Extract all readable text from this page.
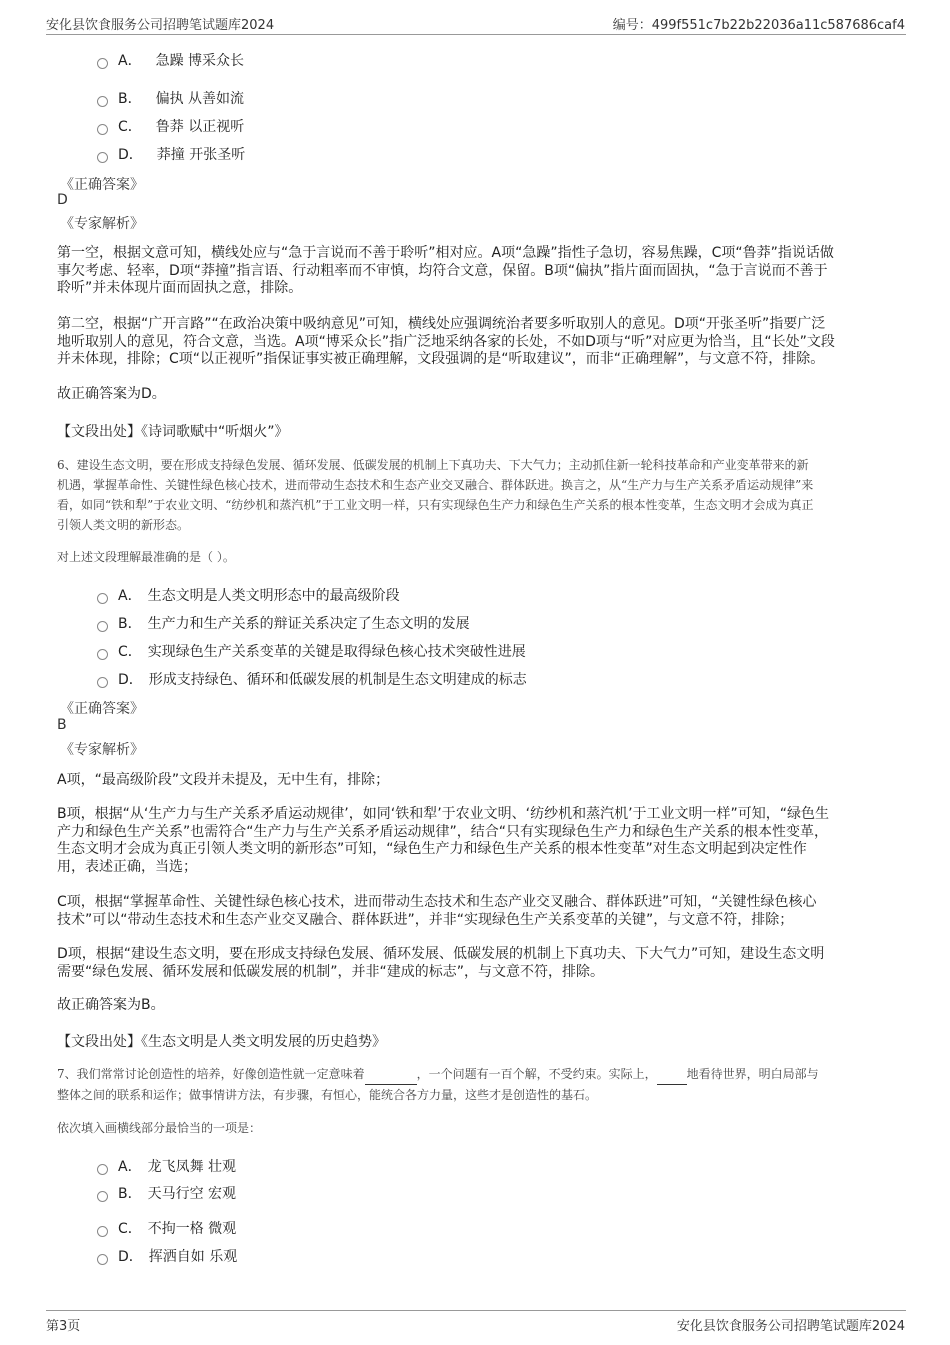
安化县饮食服务公司招聘笔试题库2024	编号：499f551c7b22b22036a11c587686caf4
A． 急躁 博采众长
B． 偏执 从善如流
C． 鲁莽 以正视听
D． 莽撞 开张圣听
《正确答案》
D
《专家解析》
第一空，根据文意可知，横线处应与“急于言说而不善于聆听”相对应。A项“急躁”指性子急切，容易焦躁，C项“鲁莽”指说话做
事欠考虑、轻率，D项“莽撞”指言语、行动粗率而不审慎，均符合文意，保留。B项“偏执”指片面而固执，“急于言说而不善于
聆听”并未体现片面而固执之意，排除。
第二空，根据“广开言路”“在政治决策中吸纳意见”可知，横线处应强调统治者要多听取别人的意见。D项“开张圣听”指要广泛
地听取别人的意见，符合文意，当选。A项“博采众长”指广泛地采纳各家的长处，不如D项与“听”对应更为恰当，且“长处”文段
并未体现，排除；C项“以正视听”指保证事实被正确理解，文段强调的是“听取建议”，而非“正确理解”，与文意不符，排除。
故正确答案为D。
【文段出处】《诗词歌赋中“听烟火”》
6、建设生态文明，要在形成支持绿色发展、循环发展、低碳发展的机制上下真功夫、下大气力；主动抓住新一轮科技革命和产业变革带来的新
机遇，掌握革命性、关键性绿色核心技术，进而带动生态技术和生态产业交叉融合、群体跃进。换言之，从“生产力与生产关系矛盾运动规律”来
看，如同“铁和犁”于农业文明、“纺纱机和蒸汽机”于工业文明一样，只有实现绿色生产力和绿色生产关系的根本性变革，生态文明才会成为真正
引领人类文明的新形态。
对上述文段理解最准确的是（ ）。
A． 生态文明是人类文明形态中的最高级阶段
B． 生产力和生产关系的辩证关系决定了生态文明的发展
C． 实现绿色生产关系变革的关键是取得绿色核心技术突破性进展
D． 形成支持绿色、循环和低碳发展的机制是生态文明建成的标志
《正确答案》
B
《专家解析》
A项，“最高级阶段”文段并未提及，无中生有，排除；
B项，根据“从‘生产力与生产关系矛盾运动规律’，如同‘铁和犁’于农业文明、‘纺纱机和蒸汽机’于工业文明一样”可知，“绿色生
产力和绿色生产关系”也需符合“生产力与生产关系矛盾运动规律”，结合“只有实现绿色生产力和绿色生产关系的根本性变革，
生态文明才会成为真正引领人类文明的新形态”可知，“绿色生产力和绿色生产关系的根本性变革”对生态文明起到决定性作
用，表述正确，当选；
C项，根据“掌握革命性、关键性绿色核心技术，进而带动生态技术和生态产业交叉融合、群体跃进”可知，“关键性绿色核心
技术”可以“带动生态技术和生态产业交叉融合、群体跃进”，并非“实现绿色生产关系变革的关键”，与文意不符，排除；
D项，根据“建设生态文明，要在形成支持绿色发展、循环发展、低碳发展的机制上下真功夫、下大气力”可知，建设生态文明
需要“绿色发展、循环发展和低碳发展的机制”，并非“建成的标志”，与文意不符，排除。
故正确答案为B。
【文段出处】《生态文明是人类文明发展的历史趋势》
7、我们常常讨论创造性的培养，好像创造性就一定意味着	，一个问题有一百个解，不受约束。实际上，	地看待世界，明白局部与
整体之间的联系和运作；做事情讲方法，有步骤，有恒心，能统合各方力量，这些才是创造性的基石。
依次填入画横线部分最恰当的一项是：
A． 龙飞凤舞 壮观
B． 天马行空 宏观
C． 不拘一格 微观
D． 挥洒自如 乐观
第3页	安化县饮食服务公司招聘笔试题库2024
